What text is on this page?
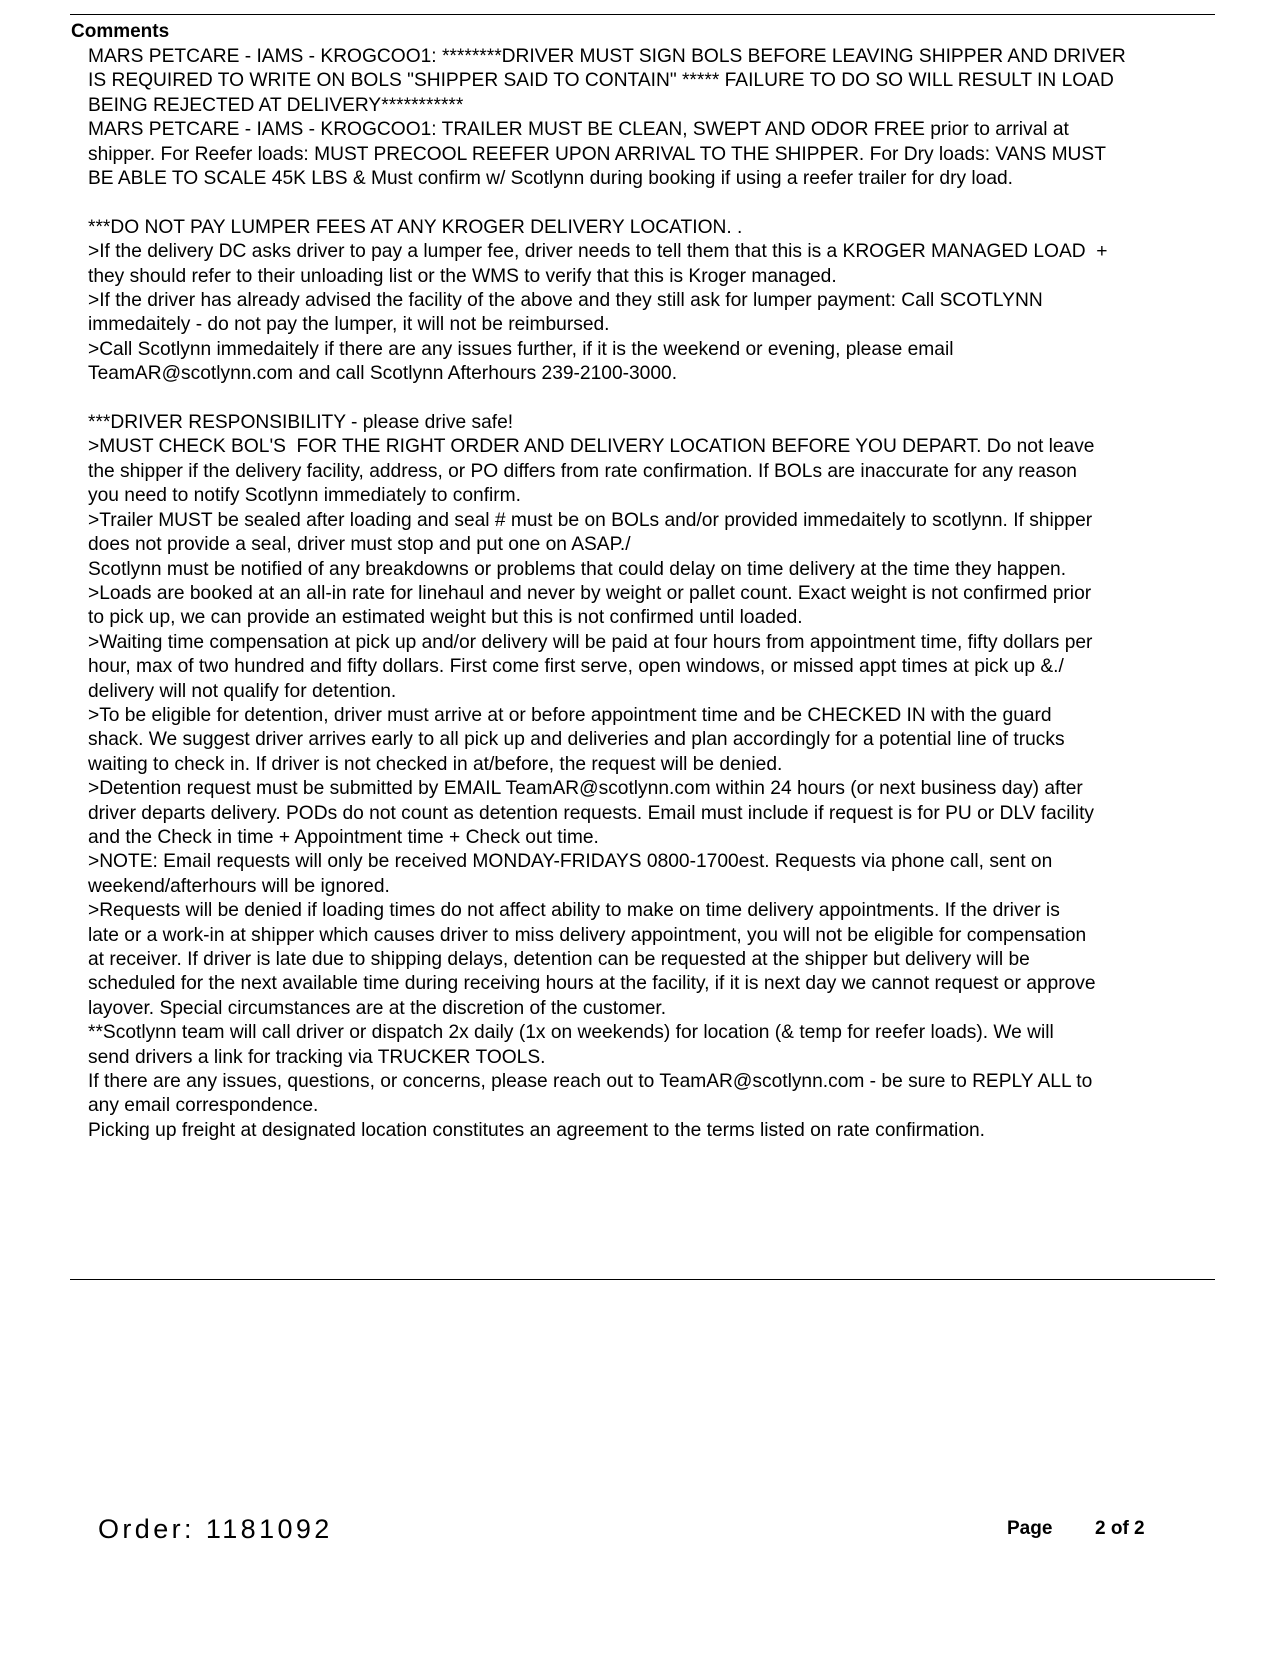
Comments
MARS PETCARE - IAMS - KROGCOO1: ********DRIVER MUST SIGN BOLS BEFORE LEAVING SHIPPER AND DRIVER
IS REQUIRED TO WRITE ON BOLS "SHIPPER SAID TO CONTAIN" ***** FAILURE TO DO SO WILL RESULT IN LOAD
BEING REJECTED AT DELIVERY***********
MARS PETCARE - IAMS - KROGCOO1: TRAILER MUST BE CLEAN, SWEPT AND ODOR FREE prior to arrival at
shipper. For Reefer loads: MUST PRECOOL REEFER UPON ARRIVAL TO THE SHIPPER. For Dry loads: VANS MUST
BE ABLE TO SCALE 45K LBS & Must confirm w/ Scotlynn during booking if using a reefer trailer for dry load.
***DO NOT PAY LUMPER FEES AT ANY KROGER DELIVERY LOCATION. .
>If the delivery DC asks driver to pay a lumper fee, driver needs to tell them that this is a KROGER MANAGED LOAD  +
they should refer to their unloading list or the WMS to verify that this is Kroger managed.
>If the driver has already advised the facility of the above and they still ask for lumper payment: Call SCOTLYNN
immedaitely - do not pay the lumper, it will not be reimbursed.
>Call Scotlynn immedaitely if there are any issues further, if it is the weekend or evening, please email
TeamAR@scotlynn.com and call Scotlynn Afterhours 239-2100-3000.
***DRIVER RESPONSIBILITY - please drive safe!
>MUST CHECK BOL'S  FOR THE RIGHT ORDER AND DELIVERY LOCATION BEFORE YOU DEPART. Do not leave
the shipper if the delivery facility, address, or PO differs from rate confirmation. If BOLs are inaccurate for any reason
you need to notify Scotlynn immediately to confirm.
>Trailer MUST be sealed after loading and seal # must be on BOLs and/or provided immedaitely to scotlynn. If shipper
does not provide a seal, driver must stop and put one on ASAP./
Scotlynn must be notified of any breakdowns or problems that could delay on time delivery at the time they happen.
>Loads are booked at an all-in rate for linehaul and never by weight or pallet count. Exact weight is not confirmed prior
to pick up, we can provide an estimated weight but this is not confirmed until loaded.
>Waiting time compensation at pick up and/or delivery will be paid at four hours from appointment time, fifty dollars per
hour, max of two hundred and fifty dollars. First come first serve, open windows, or missed appt times at pick up &./
delivery will not qualify for detention.
>To be eligible for detention, driver must arrive at or before appointment time and be CHECKED IN with the guard
shack. We suggest driver arrives early to all pick up and deliveries and plan accordingly for a potential line of trucks
waiting to check in. If driver is not checked in at/before, the request will be denied.
>Detention request must be submitted by EMAIL TeamAR@scotlynn.com within 24 hours (or next business day) after
driver departs delivery. PODs do not count as detention requests. Email must include if request is for PU or DLV facility
and the Check in time + Appointment time + Check out time.
>NOTE: Email requests will only be received MONDAY-FRIDAYS 0800-1700est. Requests via phone call, sent on
weekend/afterhours will be ignored.
>Requests will be denied if loading times do not affect ability to make on time delivery appointments. If the driver is
late or a work-in at shipper which causes driver to miss delivery appointment, you will not be eligible for compensation
at receiver. If driver is late due to shipping delays, detention can be requested at the shipper but delivery will be
scheduled for the next available time during receiving hours at the facility, if it is next day we cannot request or approve
layover. Special circumstances are at the discretion of the customer.
**Scotlynn team will call driver or dispatch 2x daily (1x on weekends) for location (& temp for reefer loads). We will
send drivers a link for tracking via TRUCKER TOOLS.
If there are any issues, questions, or concerns, please reach out to TeamAR@scotlynn.com - be sure to REPLY ALL to
any email correspondence.
Picking up freight at designated location constitutes an agreement to the terms listed on rate confirmation.
Order: 1181092	Page 2 of 2
